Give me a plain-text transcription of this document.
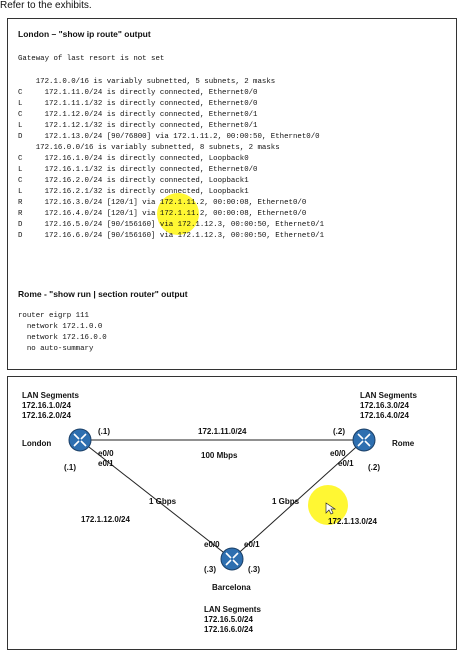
Refer to the exhibits.
London – "show ip route" output
Gateway of last resort is not set
172.1.0.0/16 is variably subnetted, 5 subnets, 2 masks
C     172.1.11.0/24 is directly connected, Ethernet0/0
L     172.1.11.1/32 is directly connected, Ethernet0/0
C     172.1.12.0/24 is directly connected, Ethernet0/1
L     172.1.12.1/32 is directly connected, Ethernet0/1
D     172.1.13.0/24 [90/76800] via 172.1.11.2, 00:00:50, Ethernet0/0
172.16.0.0/16 is variably subnetted, 8 subnets, 2 masks
C     172.16.1.0/24 is directly connected, Loopback0
L     172.16.1.1/32 is directly connected, Ethernet0/0
C     172.16.2.0/24 is directly connected, Loopback1
L     172.16.2.1/32 is directly connected, Loopback1
R     172.16.3.0/24 [120/1] via 172.1.11.2, 00:00:08, Ethernet0/0
R     172.16.4.0/24 [120/1] via 172.1.11.2, 00:00:08, Ethernet0/0
D     172.16.5.0/24 [90/156160] via 172.1.12.3, 00:00:50, Ethernet0/1
D     172.16.6.0/24 [90/156160] via 172.1.12.3, 00:00:50, Ethernet0/1
Rome - "show run | section router" output
router eigrp 111
network 172.1.0.0
network 172.16.0.0
no auto-summary
LAN Segments
172.16.1.0/24
172.16.2.0/24
London
(.1)
e0/0
e0/1
(.1)
LAN Segments
172.16.3.0/24
172.16.4.0/24
Rome
(.2)
e0/0
e0/1 (.2)
172.1.11.0/24
100 Mbps
1 Gbps
172.1.12.0/24
1 Gbps
172.1.13.0/24
e0/0	e0/1
(.3)	(.3)
Barcelona
LAN Segments
172.16.5.0/24
172.16.6.0/24
